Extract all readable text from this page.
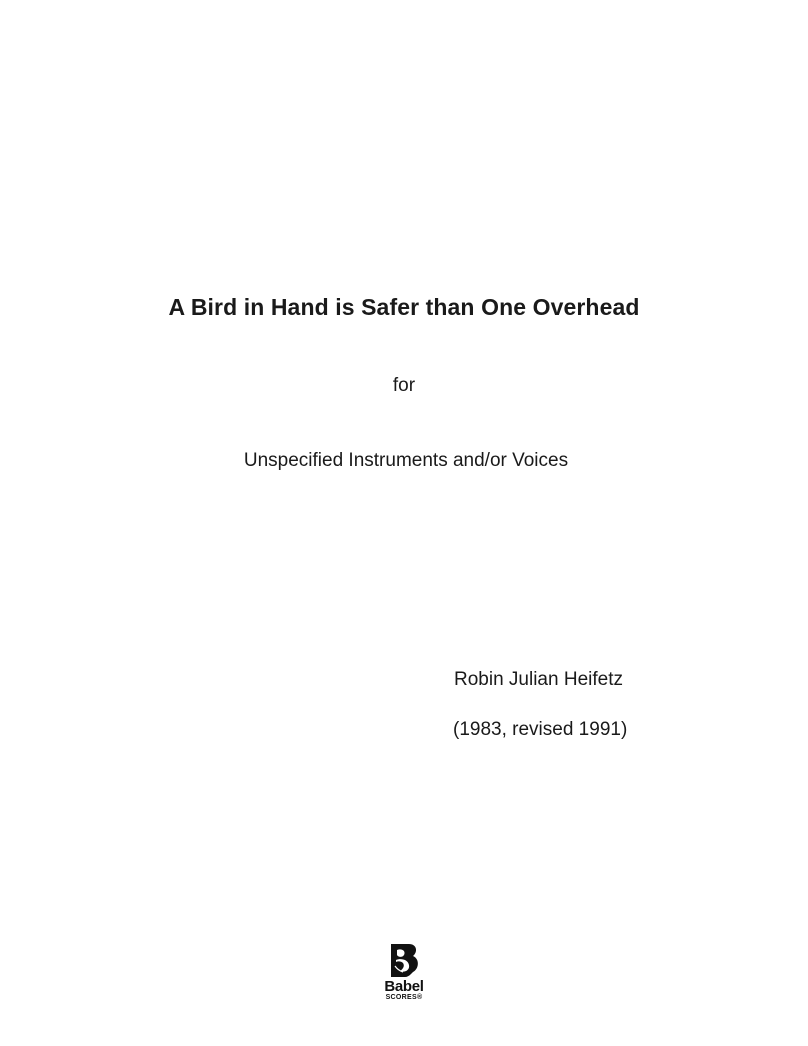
A Bird in Hand is Safer than One Overhead
for
Unspecified Instruments and/or Voices
Robin Julian Heifetz
(1983, revised 1991)
Babel
SCORES®
